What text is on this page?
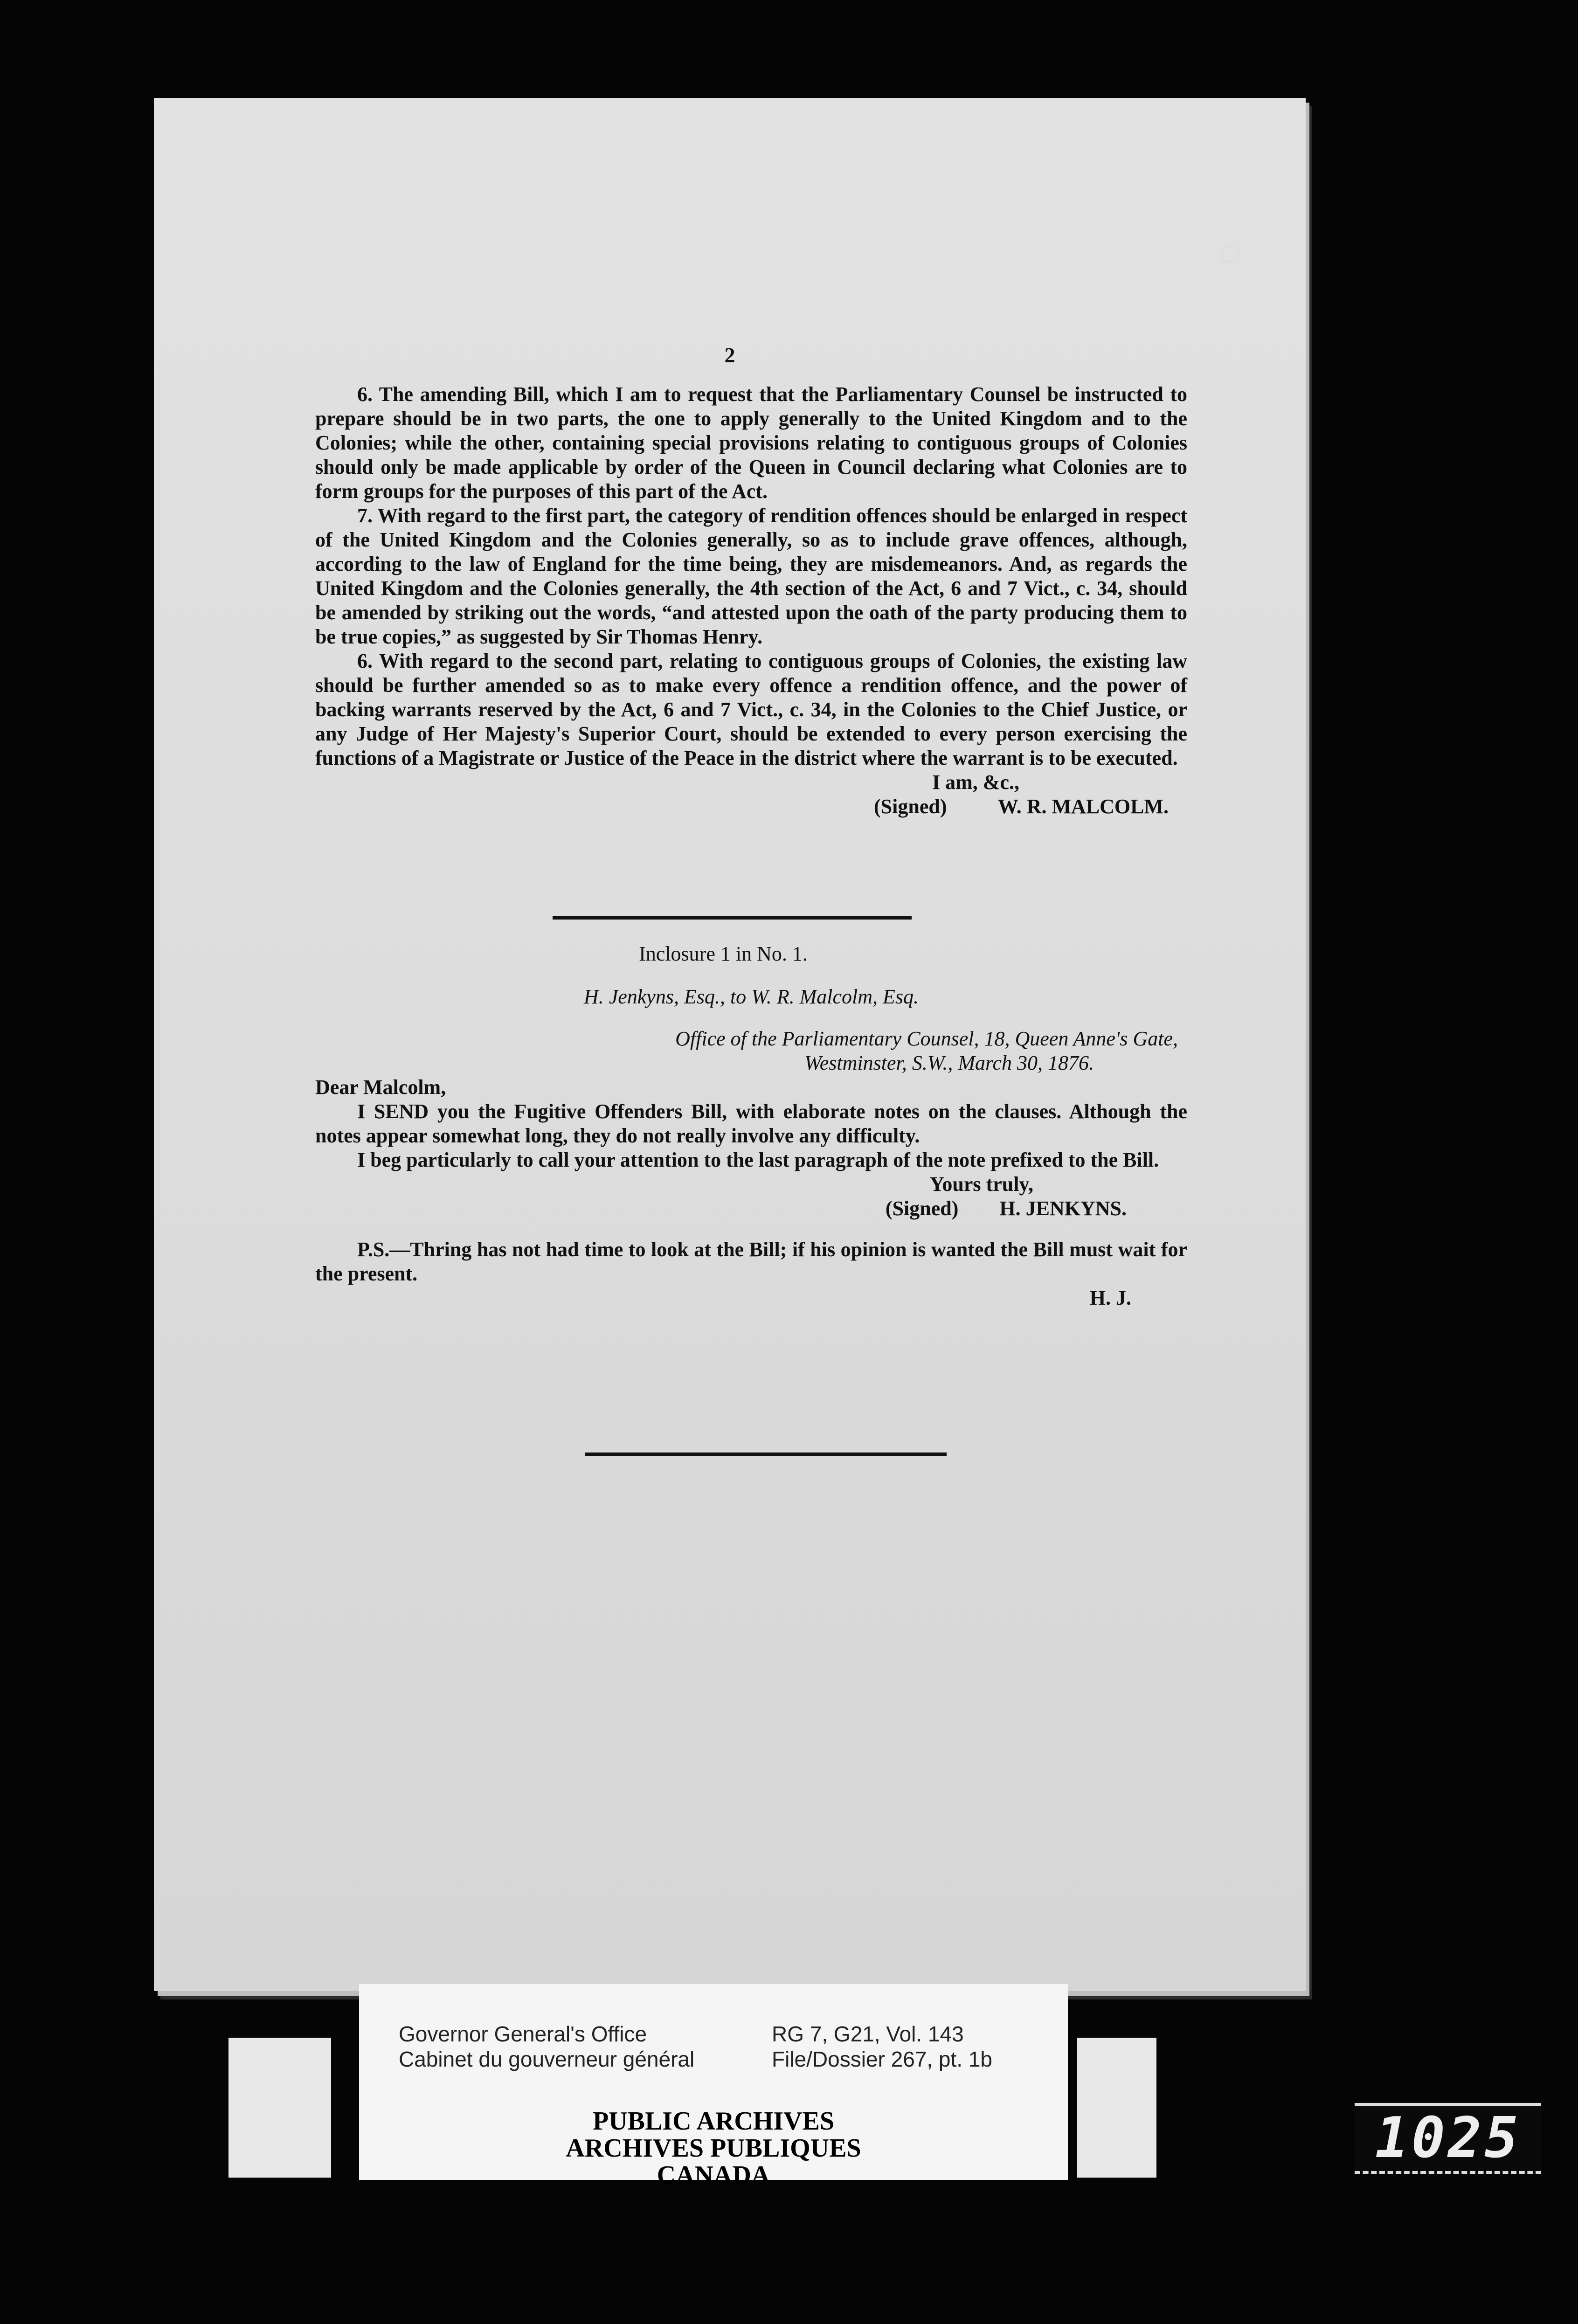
2

6. The amending Bill, which I am to request that the Parliamentary Counsel be instructed to prepare should be in two parts, the one to apply generally to the United Kingdom and to the Colonies; while the other, containing special provisions relating to contiguous groups of Colonies should only be made applicable by order of the Queen in Council declaring what Colonies are to form groups for the purposes of this part of the Act.

7. With regard to the first part, the category of rendition offences should be enlarged in respect of the United Kingdom and the Colonies generally, so as to include grave offences, although, according to the law of England for the time being, they are misdemeanors. And, as regards the United Kingdom and the Colonies generally, the 4th section of the Act, 6 and 7 Vict., c. 34, should be amended by striking out the words, “and attested upon the oath of the party producing them to be true copies,” as suggested by Sir Thomas Henry.

6. With regard to the second part, relating to contiguous groups of Colonies, the existing law should be further amended so as to make every offence a rendition offence, and the power of backing warrants reserved by the Act, 6 and 7 Vict., c. 34, in the Colonies to the Chief Justice, or any Judge of Her Majesty's Superior Court, should be extended to every person exercising the functions of a Magistrate or Justice of the Peace in the district where the warrant is to be executed.

I am, &c.,
(Signed) W. R. MALCOLM.
Inclosure 1 in No. 1.
H. Jenkyns, Esq., to W. R. Malcolm, Esq.
Office of the Parliamentary Counsel, 18, Queen Anne's Gate,
Westminster, S.W., March 30, 1876.
Dear Malcolm,

I SEND you the Fugitive Offenders Bill, with elaborate notes on the clauses. Although the notes appear somewhat long, they do not really involve any difficulty.

I beg particularly to call your attention to the last paragraph of the note prefixed to the Bill.

Yours truly,
(Signed) H. JENKYNS.

P.S.—Thring has not had time to look at the Bill; if his opinion is wanted the Bill must wait for the present.

H. J.
○
Governor General's Office
Cabinet du gouverneur général
RG 7, G21, Vol. 143
File/Dossier 267, pt. 1b
PUBLIC ARCHIVES
ARCHIVES PUBLIQUES
CANADA
1025
